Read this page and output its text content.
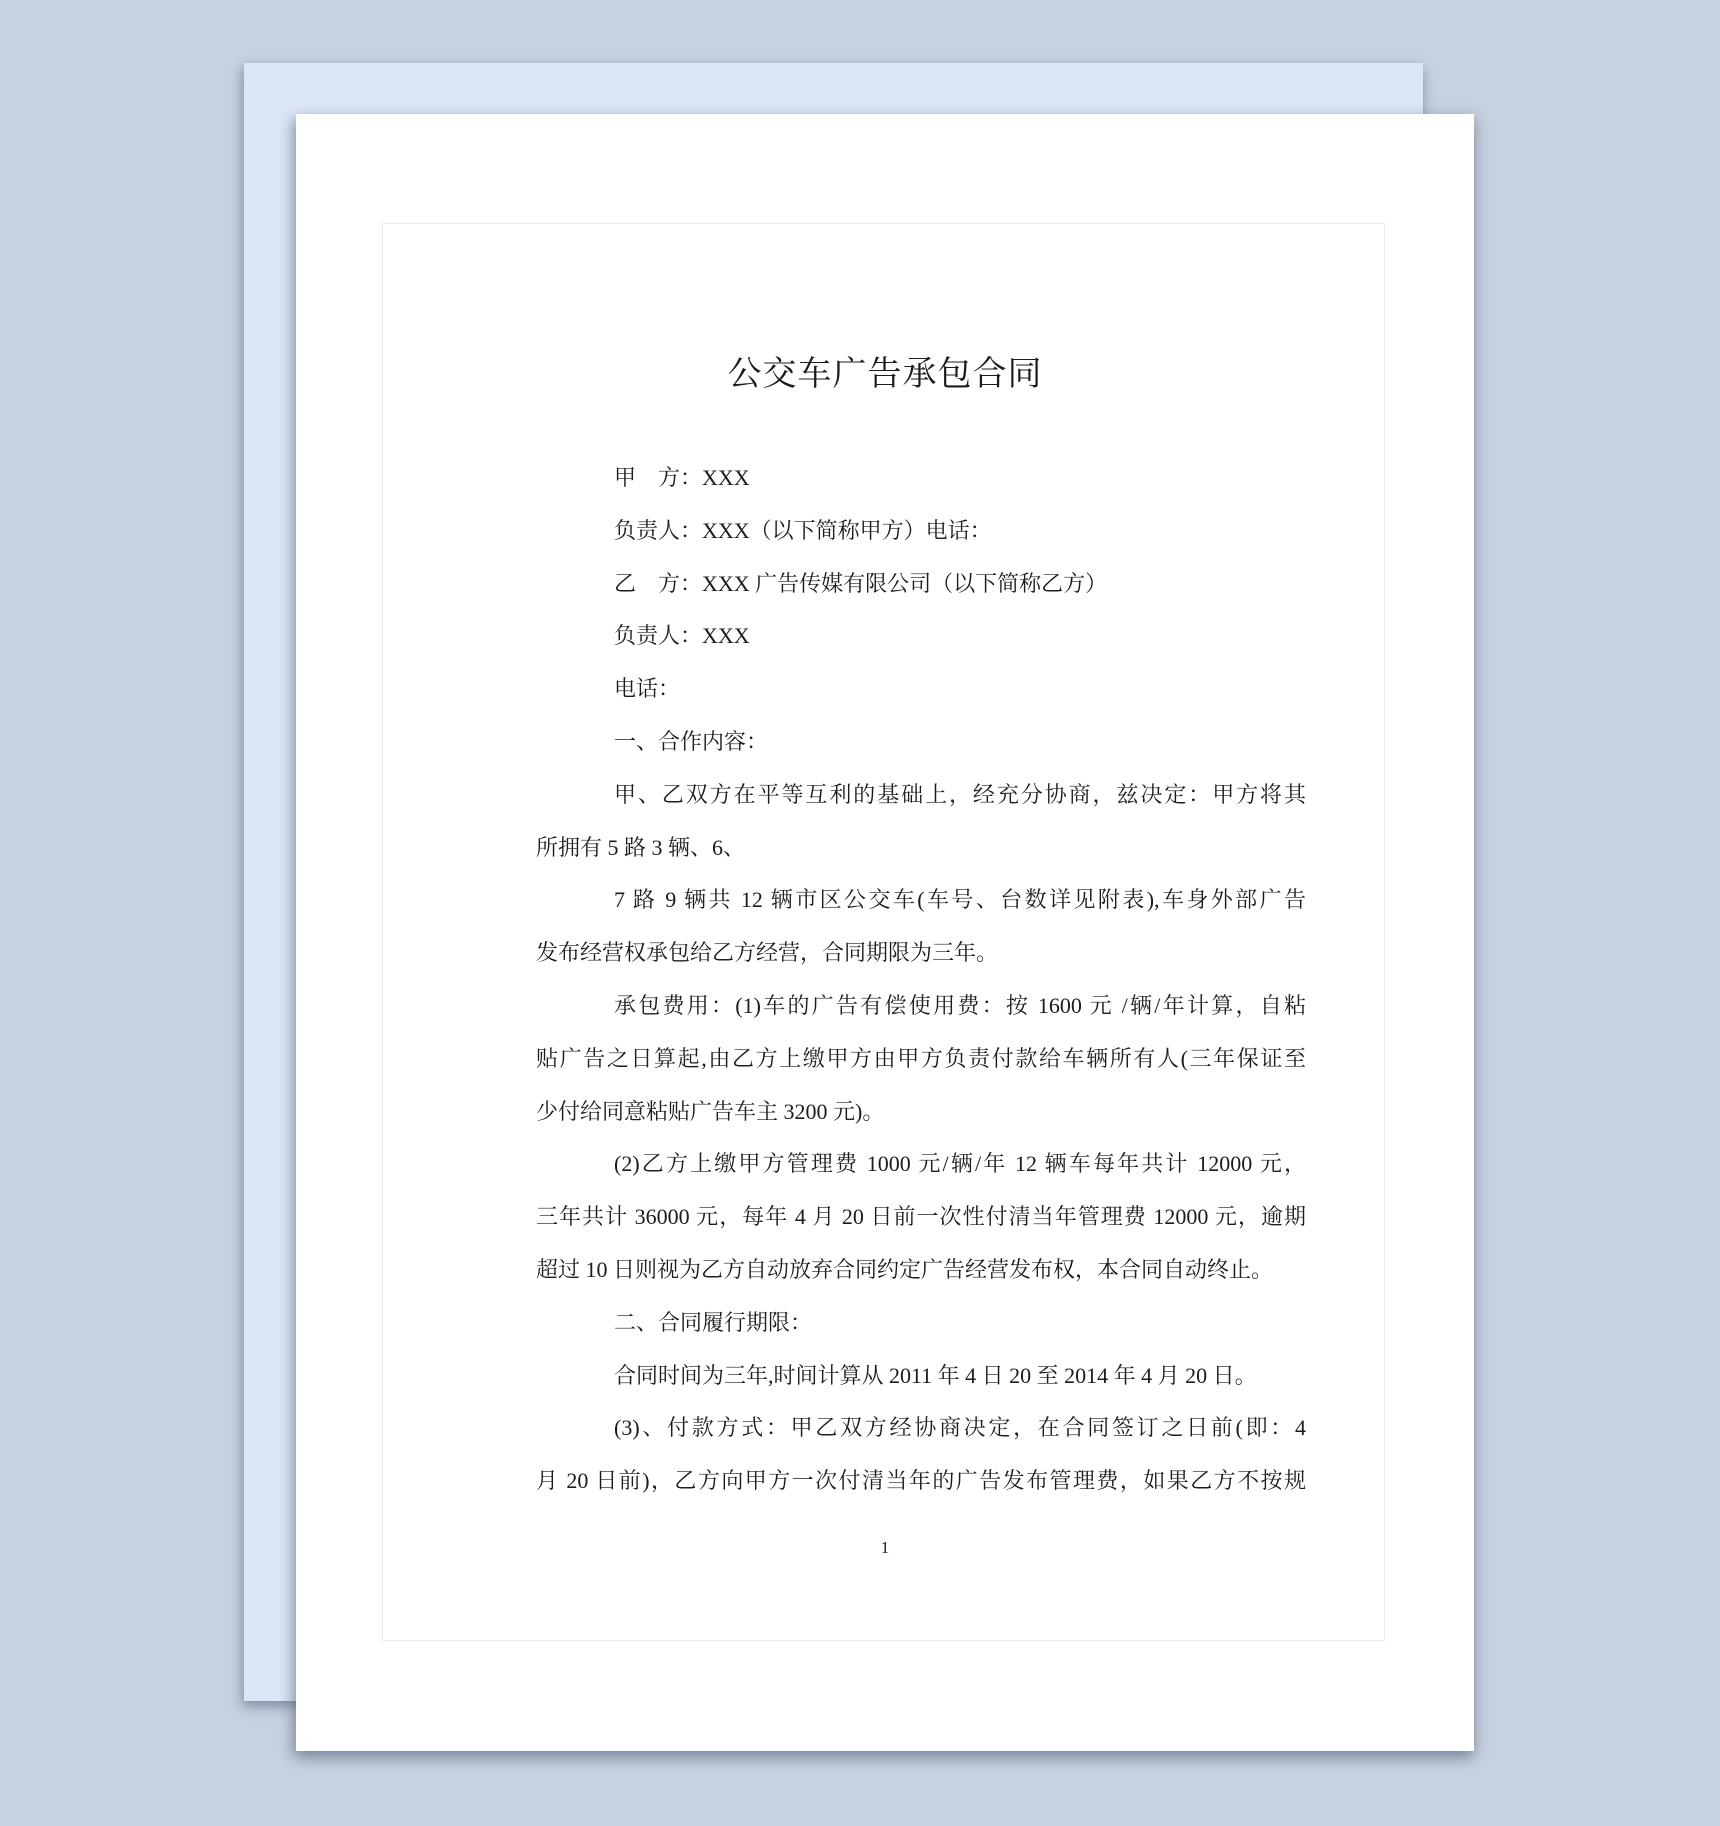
公交车广告承包合同
甲　方：XXX
负责人：XXX（以下简称甲方）电话：
乙　方：XXX 广告传媒有限公司（以下简称乙方）
负责人：XXX
电话：
一、合作内容：
甲、乙双方在平等互利的基础上，经充分协商，兹决定：甲方将其
所拥有 5 路 3 辆、6、
7 路 9 辆共 12 辆市区公交车(车号、台数详见附表),车身外部广告
发布经营权承包给乙方经营，合同期限为三年。
承包费用：(1)车的广告有偿使用费：按 1600 元 /辆/年计算，自粘
贴广告之日算起,由乙方上缴甲方由甲方负责付款给车辆所有人(三年保证至
少付给同意粘贴广告车主 3200 元)。
(2)乙方上缴甲方管理费 1000 元/辆/年 12 辆车每年共计 12000 元，
三年共计 36000 元，每年 4 月 20 日前一次性付清当年管理费 12000 元，逾期
超过 10 日则视为乙方自动放弃合同约定广告经营发布权，本合同自动终止。
二、合同履行期限：
合同时间为三年,时间计算从 2011 年 4 日 20 至 2014 年 4 月 20 日。
(3)、付款方式：甲乙双方经协商决定，在合同签订之日前(即：4
月 20 日前)，乙方向甲方一次付清当年的广告发布管理费，如果乙方不按规
1
